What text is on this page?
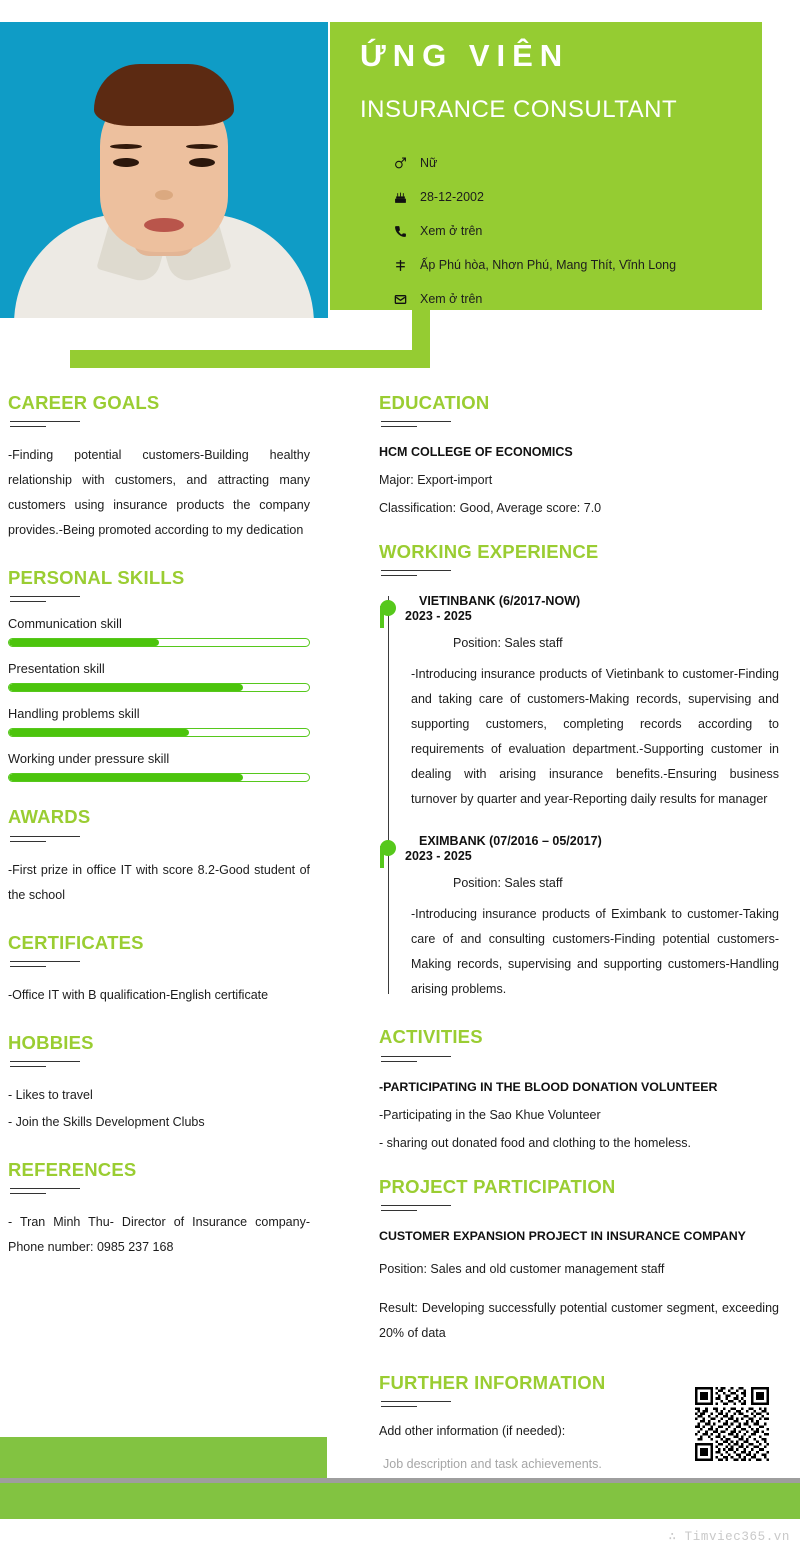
ỨNG VIÊN
INSURANCE CONSULTANT
Nữ
28-12-2002
Xem ở trên
Ấp Phú hòa, Nhơn Phú, Mang Thít, Vĩnh Long
Xem ở trên
CAREER GOALS
-Finding potential customers-Building healthy relationship with customers, and attracting many customers using insurance products the company provides.-Being promoted according to my dedication
PERSONAL SKILLS
Communication skill
Presentation skill
Handling problems skill
Working under pressure skill
AWARDS
-First prize in office IT with score 8.2-Good student of the school
CERTIFICATES
-Office IT with B qualification-English certificate
HOBBIES
- Likes to travel
- Join the Skills Development Clubs
REFERENCES
- Tran Minh Thu- Director of Insurance company- Phone number: 0985 237 168
EDUCATION
HCM COLLEGE OF ECONOMICS
Major: Export-import
Classification: Good, Average score: 7.0
WORKING EXPERIENCE
VIETINBANK (6/2017-NOW)
2023 - 2025
Position: Sales staff
-Introducing insurance products of Vietinbank to customer-Finding and taking care of customers-Making records, supervising and supporting customers, completing records according to requirements of evaluation department.-Supporting customer in dealing with arising insurance benefits.-Ensuring business turnover by quarter and year-Reporting daily results for manager
EXIMBANK (07/2016 – 05/2017)
2023 - 2025
Position: Sales staff
-Introducing insurance products of Eximbank to customer-Taking care of and consulting customers-Finding potential customers-Making records, supervising and supporting customers-Handling arising problems.
ACTIVITIES
-PARTICIPATING IN THE BLOOD DONATION VOLUNTEER
-Participating in the Sao Khue Volunteer
- sharing out donated food and clothing to the homeless.
PROJECT PARTICIPATION
CUSTOMER EXPANSION PROJECT IN INSURANCE COMPANY
Position: Sales and old customer management staff
Result: Developing successfully potential customer segment, exceeding 20% of data
FURTHER INFORMATION
Add other information (if needed):
Job description and task achievements.
∴ Timviec365.vn
